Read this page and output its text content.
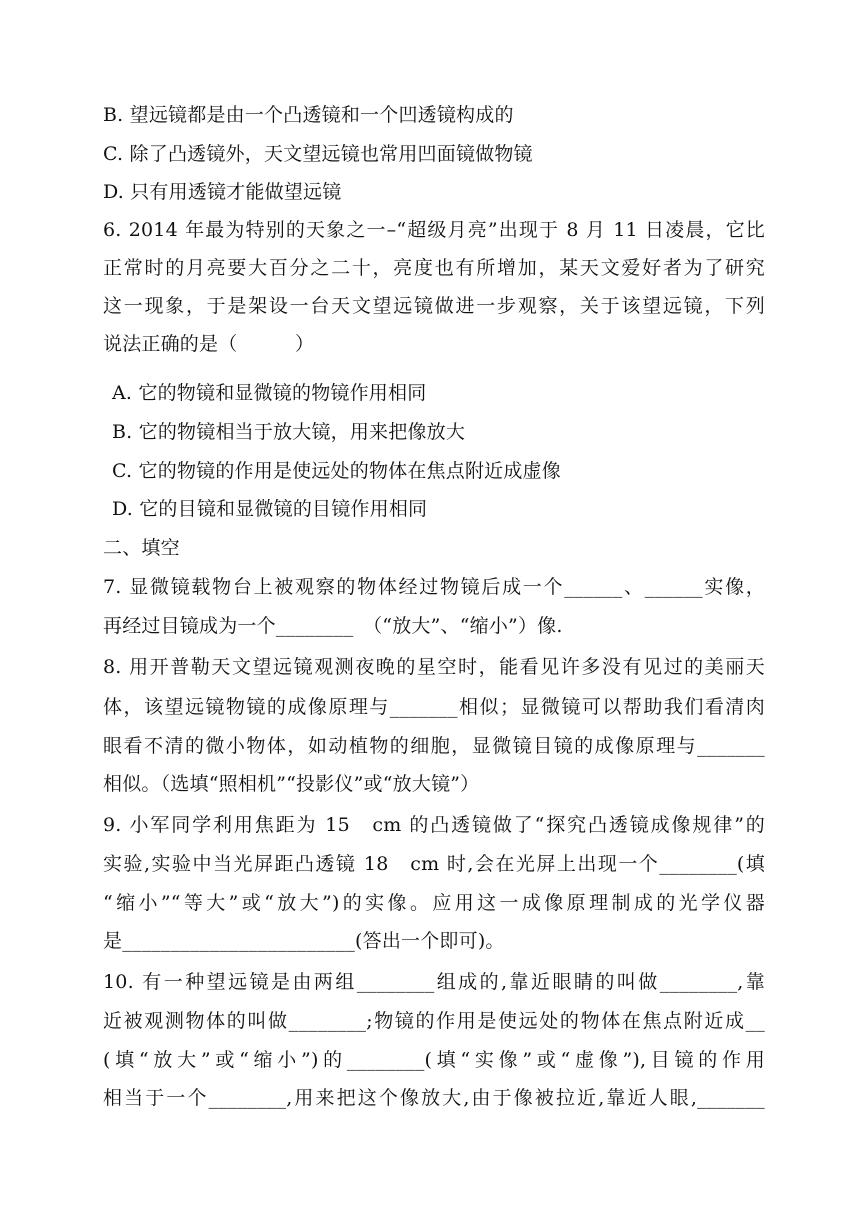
B. 望远镜都是由一个凸透镜和一个凹透镜构成的
C. 除了凸透镜外，天文望远镜也常用凹面镜做物镜
D. 只有用透镜才能做望远镜
6. 2014 年最为特别的天象之一–“超级月亮”出现于 8 月 11 日凌晨，它比
正常时的月亮要大百分之二十，亮度也有所增加，某天文爱好者为了研究
这一现象，于是架设一台天文望远镜做进一步观察，关于该望远镜，下列
说法正确的是（　　　）
A. 它的物镜和显微镜的物镜作用相同
B. 它的物镜相当于放大镜，用来把像放大
C. 它的物镜的作用是使远处的物体在焦点附近成虚像
D. 它的目镜和显微镜的目镜作用相同
二、填空
7. 显微镜载物台上被观察的物体经过物镜后成一个______、______实像，
再经过目镜成为一个________　（“放大”、“缩小”）像.
8. 用开普勒天文望远镜观测夜晚的星空时，能看见许多没有见过的美丽天
体，该望远镜物镜的成像原理与_______相似；显微镜可以帮助我们看清肉
眼看不清的微小物体，如动植物的细胞，显微镜目镜的成像原理与_______
相似。（选填“照相机”“投影仪”或“放大镜”）
9. 小军同学利用焦距为 15　cm 的凸透镜做了“探究凸透镜成像规律”的
实验,实验中当光屏距凸透镜 18　cm 时,会在光屏上出现一个________(填
“缩小”“等大”或“放大”)的实像。应用这一成像原理制成的光学仪器
是________________________(答出一个即可)。
10. 有一种望远镜是由两组________组成的,靠近眼睛的叫做________,靠
近被观测物体的叫做________;物镜的作用是使远处的物体在焦点附近成__
(填“放大”或“缩小”)的________(填“实像”或“虚像”),目镜的作用
相当于一个________,用来把这个像放大,由于像被拉近,靠近人眼,_______
